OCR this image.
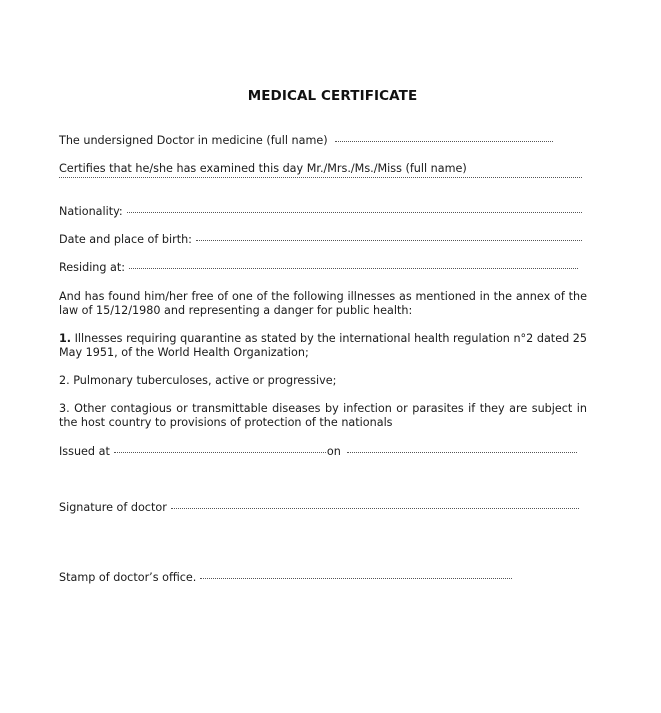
MEDICAL CERTIFICATE
The undersigned Doctor in medicine (full name)
Certifies that he/she has examined this day Mr./Mrs./Ms./Miss (full name)
Nationality:
Date and place of birth:
Residing at:
And has found him/her free of one of the following illnesses as mentioned in the annex of the law of 15/12/1980 and representing a danger for public health:
1. Illnesses requiring quarantine as stated by the international health regulation n°2 dated 25 May 1951, of the World Health Organization;
2. Pulmonary tuberculoses, active or progressive;
3. Other contagious or transmittable diseases by infection or parasites if they are subject in the host country to provisions of protection of the nationals
Issued at	on
Signature of doctor
Stamp of doctor’s office.
